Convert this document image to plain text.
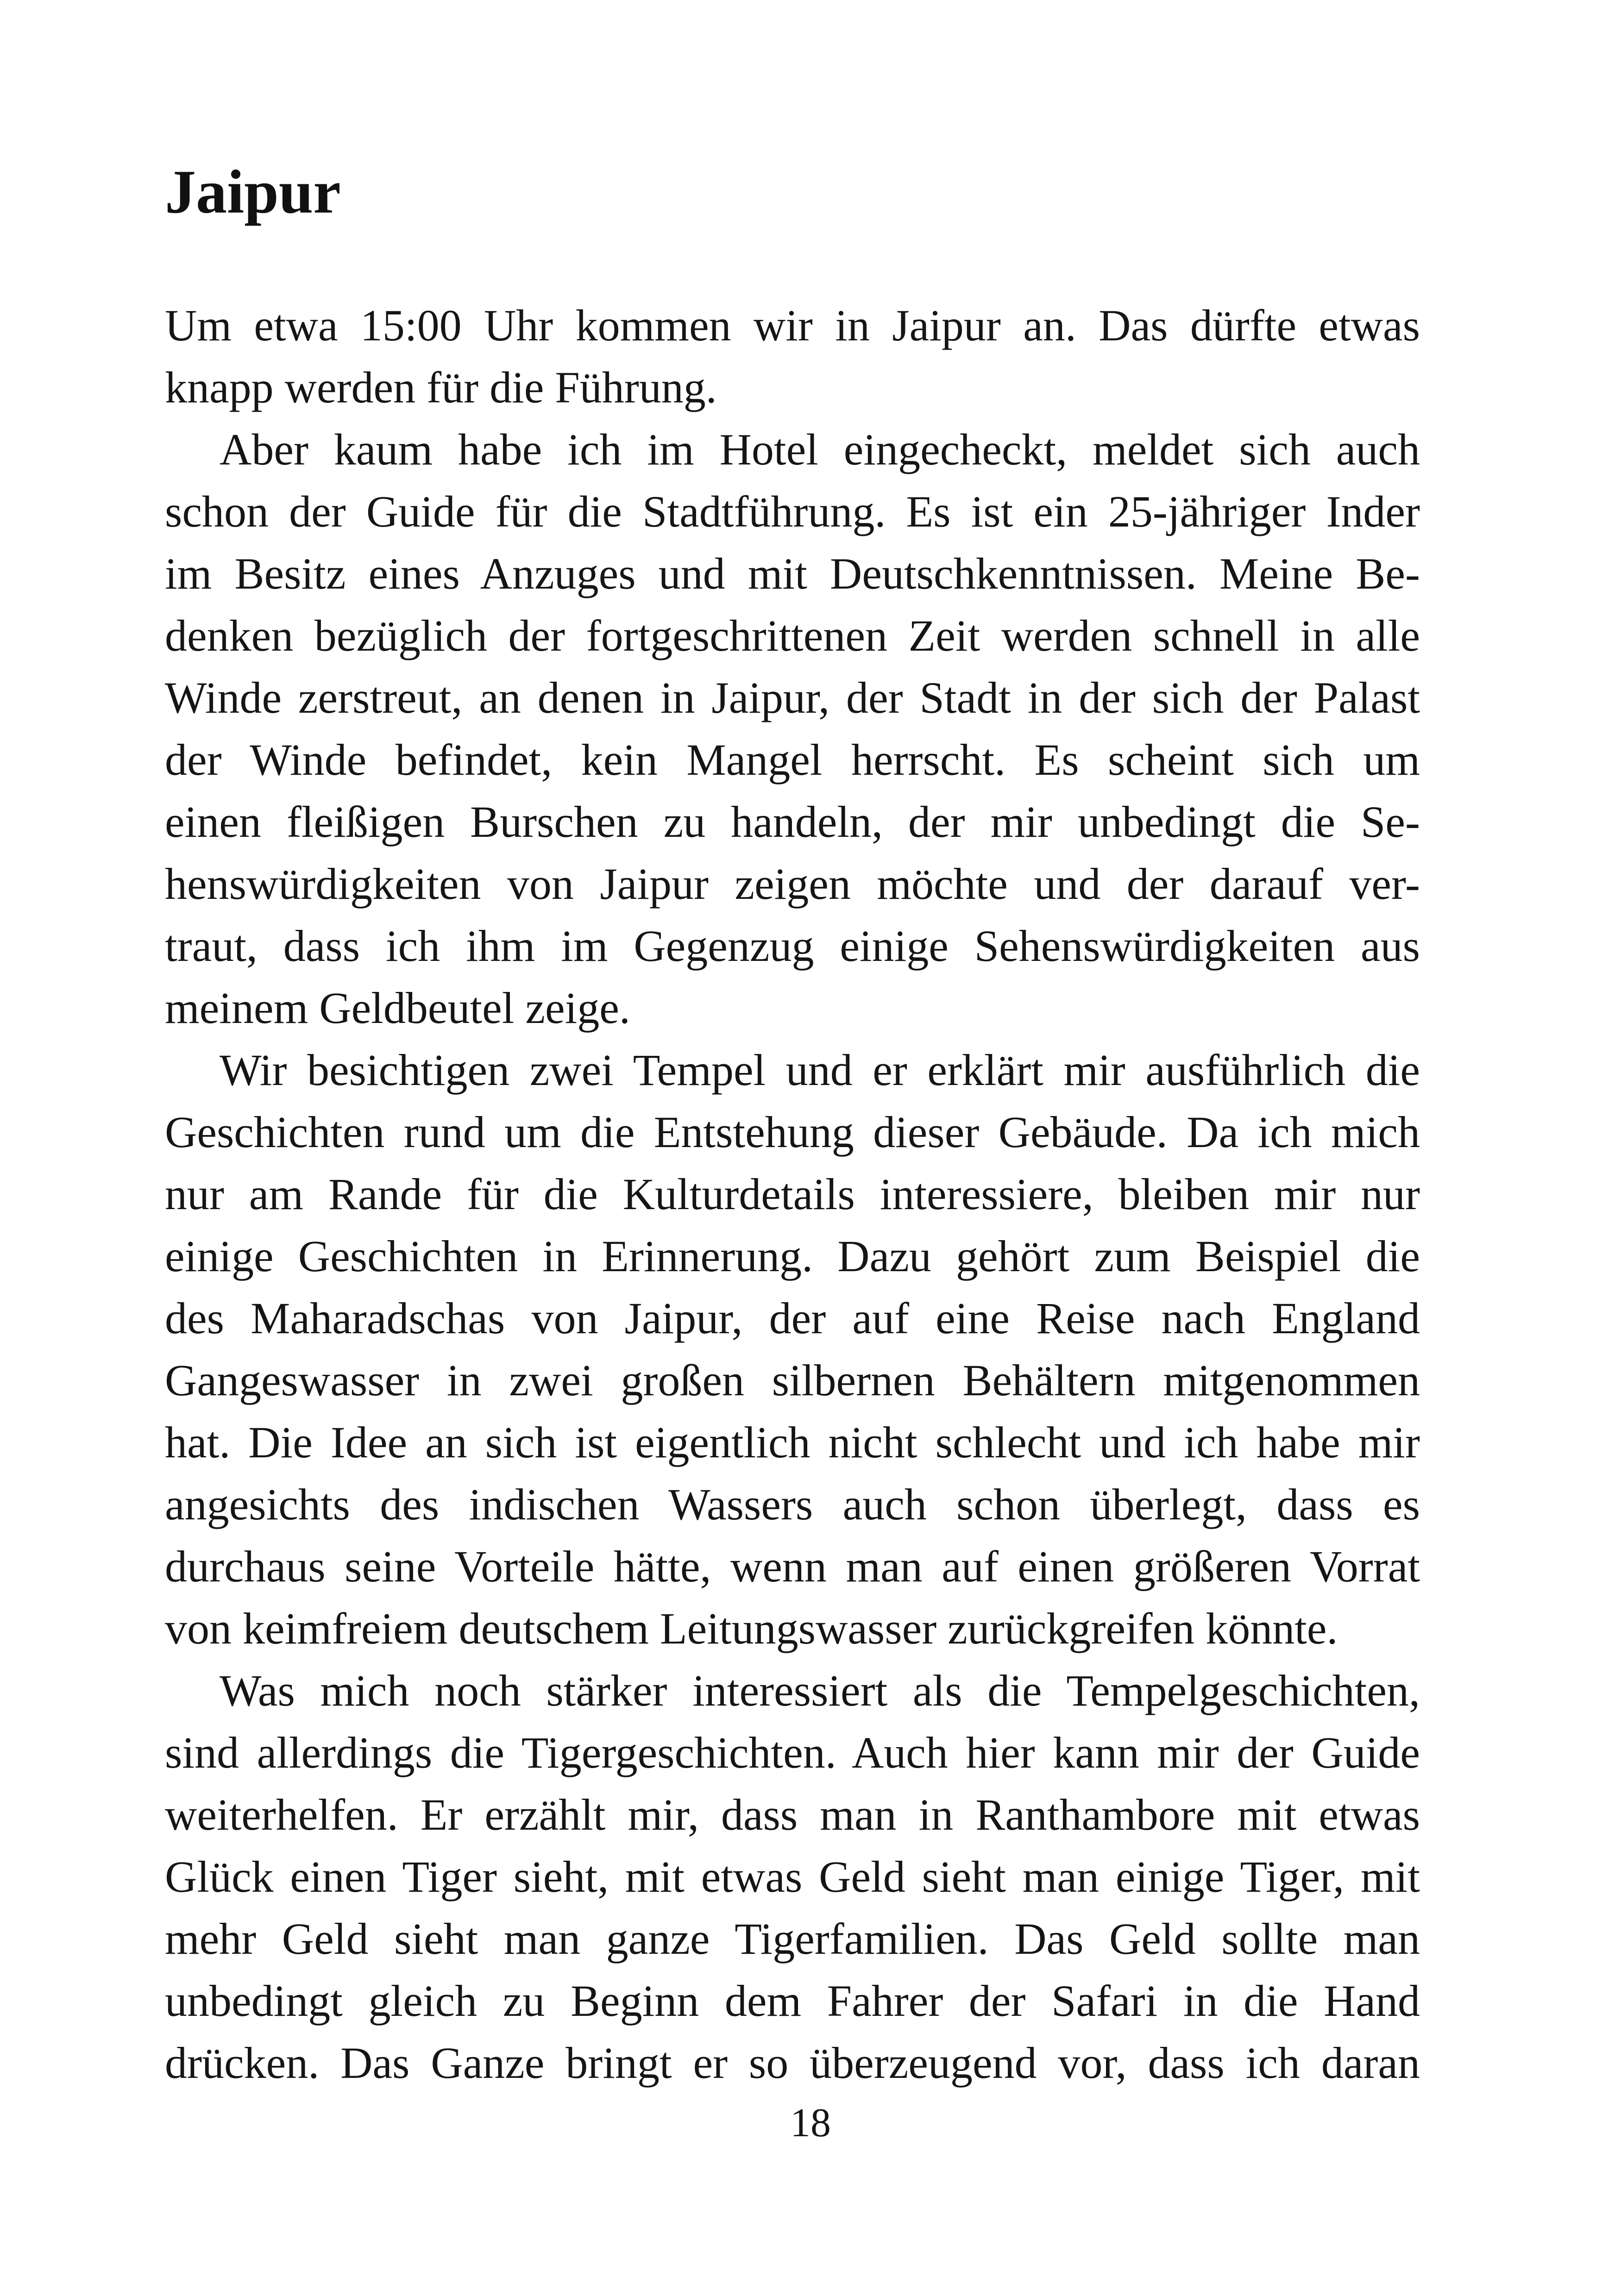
Jaipur
Um etwa 15:00 Uhr kommen wir in Jaipur an. Das dürfte etwas
knapp werden für die Führung.
Aber kaum habe ich im Hotel eingecheckt, meldet sich auch
schon der Guide für die Stadtführung. Es ist ein 25-jähriger Inder
im Besitz eines Anzuges und mit Deutschkenntnissen. Meine Be-
denken bezüglich der fortgeschrittenen Zeit werden schnell in alle
Winde zerstreut, an denen in Jaipur, der Stadt in der sich der Palast
der Winde befindet, kein Mangel herrscht. Es scheint sich um
einen fleißigen Burschen zu handeln, der mir unbedingt die Se-
henswürdigkeiten von Jaipur zeigen möchte und der darauf ver-
traut, dass ich ihm im Gegenzug einige Sehenswürdigkeiten aus
meinem Geldbeutel zeige.
Wir besichtigen zwei Tempel und er erklärt mir ausführlich die
Geschichten rund um die Entstehung dieser Gebäude. Da ich mich
nur am Rande für die Kulturdetails interessiere, bleiben mir nur
einige Geschichten in Erinnerung. Dazu gehört zum Beispiel die
des Maharadschas von Jaipur, der auf eine Reise nach England
Gangeswasser in zwei großen silbernen Behältern mitgenommen
hat. Die Idee an sich ist eigentlich nicht schlecht und ich habe mir
angesichts des indischen Wassers auch schon überlegt, dass es
durchaus seine Vorteile hätte, wenn man auf einen größeren Vorrat
von keimfreiem deutschem Leitungswasser zurückgreifen könnte.
Was mich noch stärker interessiert als die Tempelgeschichten,
sind allerdings die Tigergeschichten. Auch hier kann mir der Guide
weiterhelfen. Er erzählt mir, dass man in Ranthambore mit etwas
Glück einen Tiger sieht, mit etwas Geld sieht man einige Tiger, mit
mehr Geld sieht man ganze Tigerfamilien. Das Geld sollte man
unbedingt gleich zu Beginn dem Fahrer der Safari in die Hand
drücken. Das Ganze bringt er so überzeugend vor, dass ich daran
18
